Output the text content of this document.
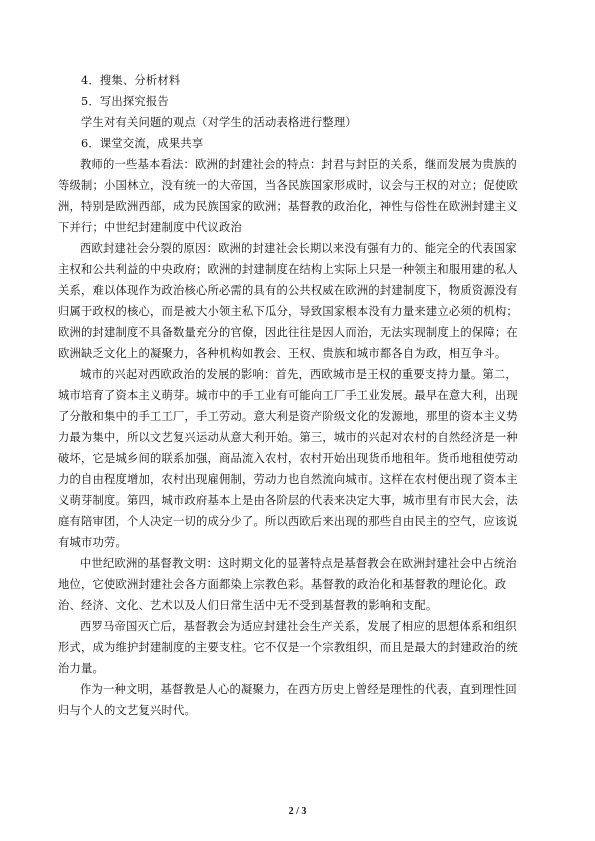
4．搜集、分析材料
5．写出探究报告
学生对有关问题的观点（对学生的活动表格进行整理）
6．课堂交流，成果共享
教师的一些基本看法：欧洲的封建社会的特点：封君与封臣的关系，继而发展为贵族的
等级制；小国林立，没有统一的大帝国，当各民族国家形成时，议会与王权的对立；促使欧
洲，特别是欧洲西部，成为民族国家的欧洲；基督教的政治化，神性与俗性在欧洲封建主义
下并行；中世纪封建制度中代议政治
西欧封建社会分裂的原因：欧洲的封建社会长期以来没有强有力的、能完全的代表国家
主权和公共利益的中央政府；欧洲的封建制度在结构上实际上只是一种领主和服用建的私人
关系，难以体现作为政治核心所必需的具有的公共权威在欧洲的封建制度下，物质资源没有
归属于政权的核心，而是被大小领主私下瓜分，导致国家根本没有力量来建立必须的机构；
欧洲的封建制度不具备数量充分的官僚，因此往往是因人而治，无法实现制度上的保障；在
欧洲缺乏文化上的凝聚力，各种机构如教会、王权、贵族和城市都各自为政，相互争斗。
城市的兴起对西欧政治的发展的影响：首先，西欧城市是王权的重要支持力量。第二，
城市培育了资本主义萌芽。城市中的手工业有可能向工厂手工业发展。最早在意大利，出现
了分散和集中的手工工厂，手工劳动。意大利是资产阶级文化的发源地，那里的资本主义势
力最为集中，所以文艺复兴运动从意大利开始。第三，城市的兴起对农村的自然经济是一种
破坏，它是城乡间的联系加强，商品流入农村，农村开始出现货币地租年。货币地租使劳动
力的自由程度增加，农村出现雇佣制，劳动力也自然流向城市。这样在农村便出现了资本主
义萌芽制度。第四，城市政府基本上是由各阶层的代表来决定大事，城市里有市民大会，法
庭有陪审团，个人决定一切的成分少了。所以西欧后来出现的那些自由民主的空气，应该说
有城市功劳。
中世纪欧洲的基督教文明：这时期文化的显著特点是基督教会在欧洲封建社会中占统治
地位，它使欧洲封建社会各方面都染上宗教色彩。基督教的政治化和基督教的理论化。政
治、经济、文化、艺术以及人们日常生活中无不受到基督教的影响和支配。
西罗马帝国灭亡后，基督教会为适应封建社会生产关系，发展了相应的思想体系和组织
形式，成为维护封建制度的主要支柱。它不仅是一个宗教组织，而且是最大的封建政治的统
治力量。
作为一种文明，基督教是人心的凝聚力，在西方历史上曾经是理性的代表，直到理性回
归与个人的文艺复兴时代。
2 / 3
